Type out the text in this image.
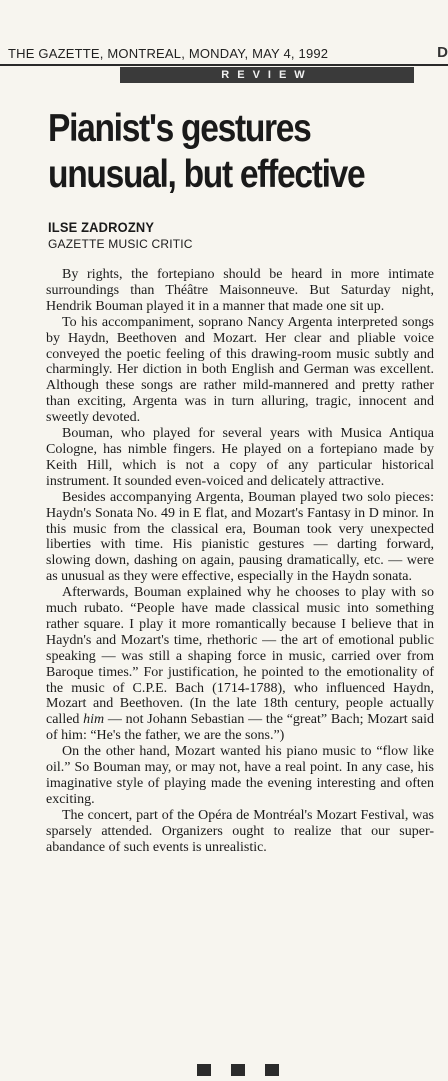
THE GAZETTE, MONTREAL, MONDAY, MAY 4, 1992	D
REVIEW
Pianist's gestures
unusual, but effective
ILSE ZADROZNY
GAZETTE MUSIC CRITIC

By rights, the fortepiano should be heard in more intimate surroundings than Théâtre Maisonneuve. But Saturday night, Hendrik Bouman played it in a manner that made one sit up.

To his accompaniment, soprano Nancy Argenta interpreted songs by Haydn, Beethoven and Mozart. Her clear and pliable voice conveyed the poetic feeling of this drawing-room music subtly and charmingly. Her diction in both English and German was excellent. Although these songs are rather mild-mannered and pretty rather than exciting, Argenta was in turn alluring, tragic, innocent and sweetly devoted.

Bouman, who played for several years with Musica Antiqua Cologne, has nimble fingers. He played on a fortepiano made by Keith Hill, which is not a copy of any particular historical instrument. It sounded even-voiced and delicately attractive.

Besides accompanying Argenta, Bouman played two solo pieces: Haydn's Sonata No. 49 in E flat, and Mozart's Fantasy in D minor. In this music from the classical era, Bouman took very unexpected liberties with time. His pianistic gestures — darting forward, slowing down, dashing on again, pausing dramatically, etc. — were as unusual as they were effective, especially in the Haydn sonata.

Afterwards, Bouman explained why he chooses to play with so much rubato. “People have made classical music into something rather square. I play it more romantically because I believe that in Haydn's and Mozart's time, rhethoric — the art of emotional public speaking — was still a shaping force in music, carried over from Baroque times.” For justification, he pointed to the emotionality of the music of C.P.E. Bach (1714-1788), who influenced Haydn, Mozart and Beethoven. (In the late 18th century, people actually called him — not Johann Sebastian — the “great” Bach; Mozart said of him: “He's the father, we are the sons.”)

On the other hand, Mozart wanted his piano music to “flow like oil.” So Bouman may, or may not, have a real point. In any case, his imaginative style of playing made the evening interesting and often exciting.

The concert, part of the Opéra de Montréal's Mozart Festival, was sparsely attended. Organizers ought to realize that our super-abandance of such events is unrealistic.
